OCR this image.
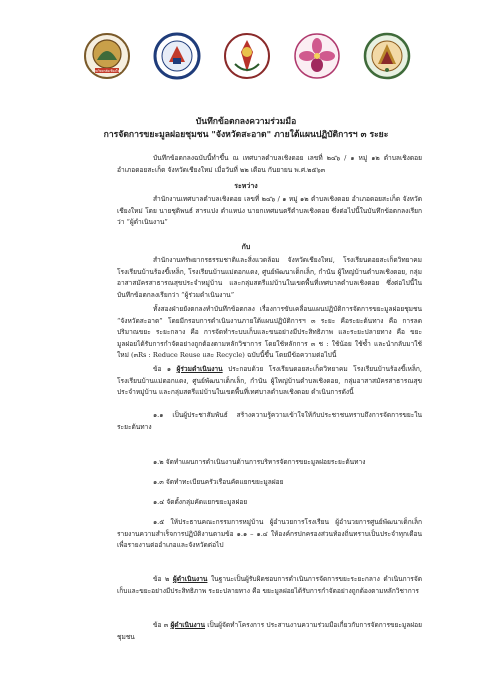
ฝ่ายวิทยาลัยเชียงใหม่
บันทึกข้อตกลงความร่วมมือ
การจัดการขยะมูลฝอยชุมชน "จังหวัดสะอาด" ภายใต้แผนปฏิบัติการฯ ๓ ระยะ
บันทึกข้อตกลงฉบับนี้ทำขึ้น ณ เทศบาลตำบลเชิงดอย เลขที่ ๒๔๖ / ๑ หมู่ ๑๒ ตำบลเชิงดอย อำเภอดอยสะเก็ด จังหวัดเชียงใหม่ เมื่อวันที่ ๒๒ เดือน กันยายน พ.ศ.๒๕๖๓
ระหว่าง
สำนักงานเทศบาลตำบลเชิงดอย เลขที่ ๒๔๖ / ๑ หมู่ ๑๒ ตำบลเชิงดอย อำเภอดอยสะเก็ด จังหวัดเชียงใหม่ โดย นายชุติพนธ์ สารแปง ตำแหน่ง นายกเทศมนตรีตำบลเชิงดอย ซึ่งต่อไปนี้ในบันทึกข้อตกลงเรียกว่า “ผู้ดำเนินงาน”
กับ
สำนักงานทรัพยากรธรรมชาติและสิ่งแวดล้อม จังหวัดเชียงใหม่, โรงเรียนดอยสะเก็ดวิทยาคม โรงเรียนบ้านร้องขี้เหล็ก, โรงเรียนบ้านแม่ดอกแดง, ศูนย์พัฒนาเด็กเล็ก, กำนัน ผู้ใหญ่บ้านตำบลเชิงดอย, กลุ่มอาสาสมัครสาธารณสุขประจำหมู่บ้าน และกลุ่มสตรีแม่บ้านในเขตพื้นที่เทศบาลตำบลเชิงดอย ซึ่งต่อไปนี้ในบันทึกข้อตกลงเรียกว่า “ผู้ร่วมดำเนินงาน”
ทั้งสองฝ่ายยังตกลงทำบันทึกข้อตกลง เรื่องการขับเคลื่อนแผนปฏิบัติการจัดการขยะมูลฝอยชุมชน “จังหวัดสะอาด” โดยมีกรอบการดำเนินงานภายใต้แผนปฏิบัติการฯ ๓ ระยะ คือระยะต้นทาง คือ การลดปริมาณขยะ ระยะกลาง คือ การจัดทำระบบเก็บและขนอย่างมีประสิทธิภาพ และระยะปลายทาง คือ ขยะมูลฝอยได้รับการกำจัดอย่างถูกต้องตามหลักวิชาการ โดยใช้หลักการ ๓ ช : ใช้น้อย ใช้ซ้ำ และนำกลับมาใช้ใหม่ (๓Rs : Reduce Reuse และ Recycle) ฉบับนี้ขึ้น โดยมีข้อความต่อไปนี้
ข้อ ๑ ผู้ร่วมดำเนินงาน ประกอบด้วย โรงเรียนดอยสะเก็ดวิทยาคม โรงเรียนบ้านร้องขี้เหล็ก, โรงเรียนบ้านแม่ดอกแดง, ศูนย์พัฒนาเด็กเล็ก, กำนัน ผู้ใหญ่บ้านตำบลเชิงดอย, กลุ่มอาสาสมัครสาธารณสุขประจำหมู่บ้าน และกลุ่มสตรีแม่บ้านในเขตพื้นที่เทศบาลตำบลเชิงดอย ดำเนินการดังนี้
๑.๑ เป็นผู้ประชาสัมพันธ์ สร้างความรู้ความเข้าใจให้กับประชาชนทราบถึงการจัดการขยะในระยะต้นทาง
๑.๒ จัดทำแผนการดำเนินงานด้านการบริหารจัดการขยะมูลฝอยระยะต้นทาง
๑.๓ จัดทำทะเบียนครัวเรือนคัดแยกขยะมูลฝอย
๑.๔ จัดตั้งกลุ่มคัดแยกขยะมูลฝอย
๑.๕ ให้ประธานคณะกรรมการหมู่บ้าน ผู้อำนวยการโรงเรียน ผู้อำนวยการศูนย์พัฒนาเด็กเล็ก รายงานความสำเร็จการปฏิบัติงานตามข้อ ๑.๑ – ๑.๔ ให้องค์กรปกครองส่วนท้องถิ่นทราบเป็นประจำทุกเดือน เพื่อรายงานต่ออำเภอและจังหวัดต่อไป
ข้อ ๒ ผู้ดำเนินงาน ในฐานะเป็นผู้รับผิดชอบการดำเนินการจัดการขยะระยะกลาง ดำเนินการจัดเก็บและขยะอย่างมีประสิทธิภาพ ระยะปลายทาง คือ ขยะมูลฝอยได้รับการกำจัดอย่างถูกต้องตามหลักวิชาการ
ข้อ ๓ ผู้ดำเนินงาน เป็นผู้จัดทำโครงการ ประสานงานความร่วมมือเกี่ยวกับการจัดการขยะมูลฝอยชุมชน
